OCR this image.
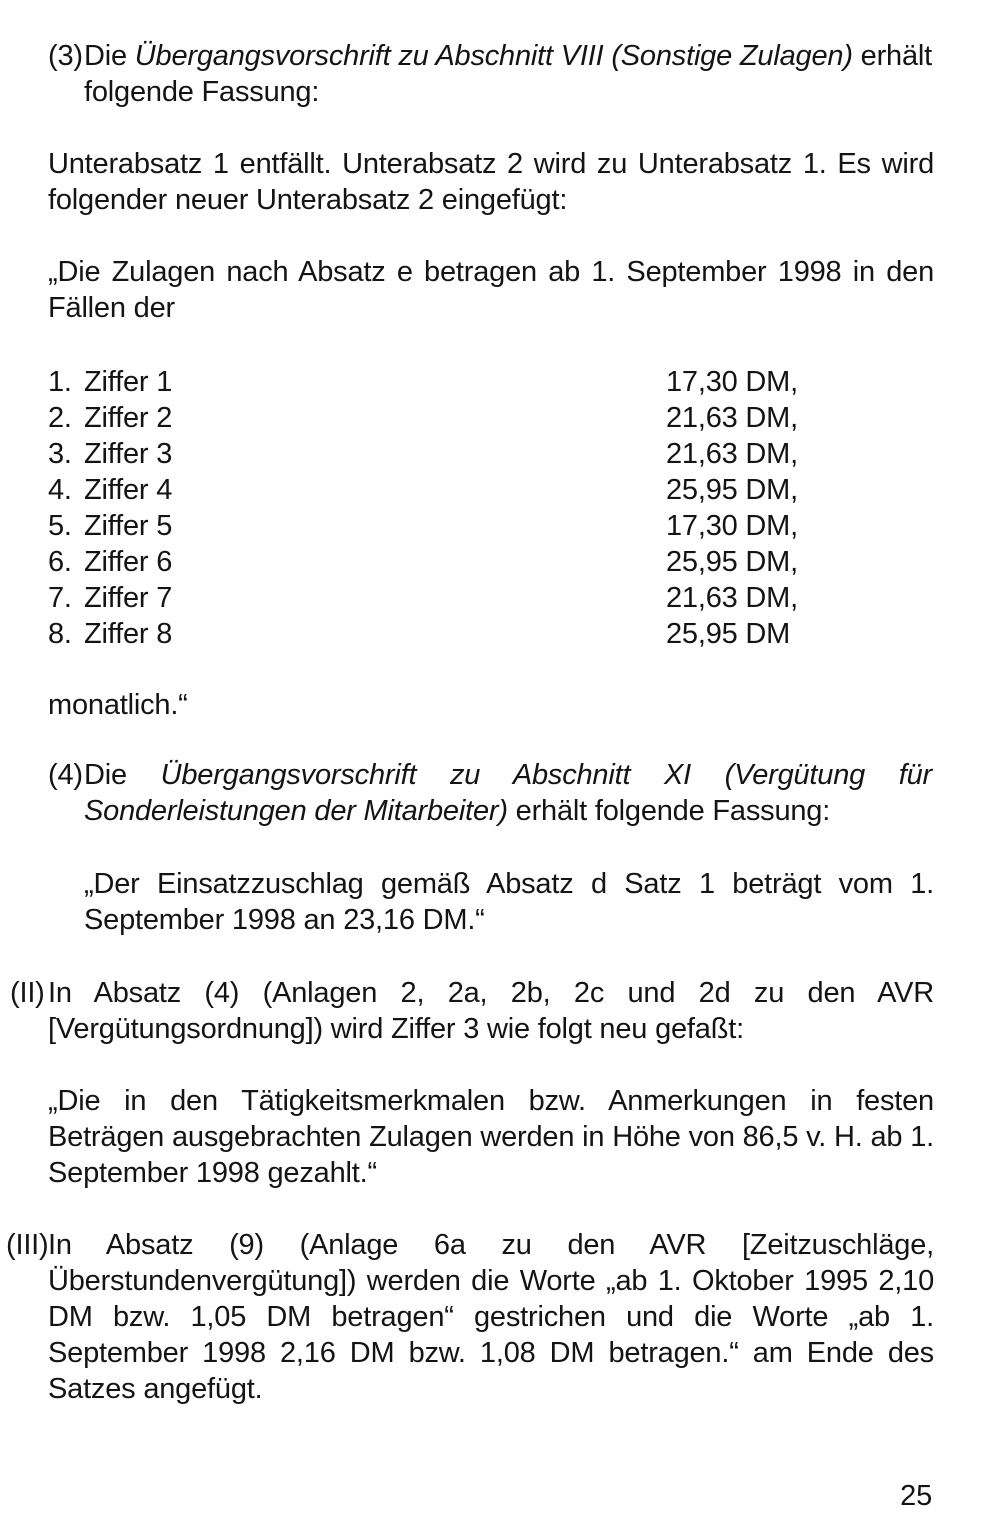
(3) Die Übergangsvorschrift zu Abschnitt VIII (Sonstige Zulagen) erhält folgende Fassung:
Unterabsatz 1 entfällt. Unterabsatz 2 wird zu Unterabsatz 1. Es wird folgender neuer Unterabsatz 2 eingefügt:
„Die Zulagen nach Absatz e betragen ab 1. September 1998 in den Fällen der
1. Ziffer 1	17,30 DM,
2. Ziffer 2	21,63 DM,
3. Ziffer 3	21,63 DM,
4. Ziffer 4	25,95 DM,
5. Ziffer 5	17,30 DM,
6. Ziffer 6	25,95 DM,
7. Ziffer 7	21,63 DM,
8. Ziffer 8	25,95 DM
monatlich.“
(4) Die Übergangsvorschrift zu Abschnitt XI (Vergütung für Sonderleistungen der Mitarbeiter) erhält folgende Fassung:
„Der Einsatzzuschlag gemäß Absatz d Satz 1 beträgt vom 1. September 1998 an 23,16 DM.“
(II) In Absatz (4) (Anlagen 2, 2a, 2b, 2c und 2d zu den AVR [Vergütungsordnung]) wird Ziffer 3 wie folgt neu gefaßt:
„Die in den Tätigkeitsmerkmalen bzw. Anmerkungen in festen Beträgen ausgebrachten Zulagen werden in Höhe von 86,5 v. H. ab 1. September 1998 gezahlt.“
(III) In Absatz (9) (Anlage 6a zu den AVR [Zeitzuschläge, Überstundenvergütung]) werden die Worte „ab 1. Oktober 1995 2,10 DM bzw. 1,05 DM betragen“ gestrichen und die Worte „ab 1. September 1998 2,16 DM bzw. 1,08 DM betragen.“ am Ende des Satzes angefügt.
25
